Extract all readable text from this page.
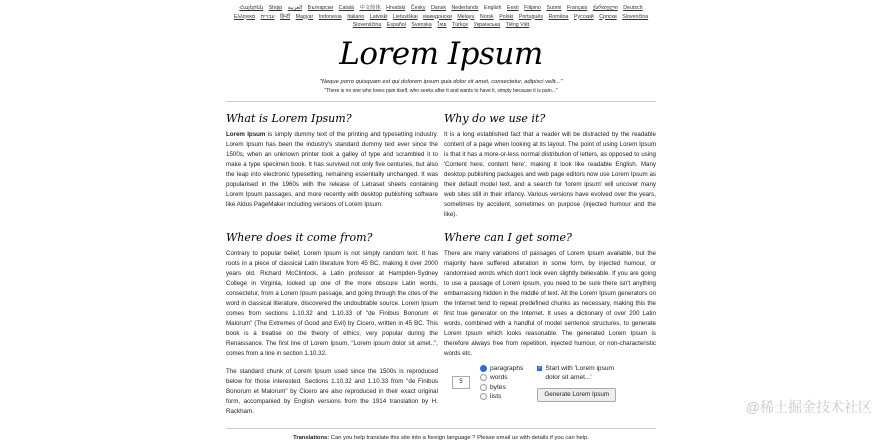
Հայերեն Shqip العربية Български Català 中文简体 Hrvatski Česky Dansk Nederlands English Eesti Filipino Suomi Français ქართული Deutsch Ελληνικά עברית हिन्दी Magyar Indonesia Italiano Latviski Lietuviškai македонски Melayu Norsk Polski Português Româna Pyccкий Српски Slovenčina Slovenščina Español Svenska ไทย Türkçe Українська Tiếng Việt
Lorem Ipsum
"Neque porro quisquam est qui dolorem ipsum quia dolor sit amet, consectetur, adipisci velit..."
"There is no one who loves pain itself, who seeks after it and wants to have it, simply because it is pain..."
What is Lorem Ipsum?

Lorem Ipsum is simply dummy text of the printing and typesetting industry. Lorem Ipsum has been the industry's standard dummy text ever since the 1500s, when an unknown printer took a galley of type and scrambled it to make a type specimen book. It has survived not only five centuries, but also the leap into electronic typesetting, remaining essentially unchanged. It was popularised in the 1960s with the release of Letraset sheets containing Lorem Ipsum passages, and more recently with desktop publishing software like Aldus PageMaker including versions of Lorem Ipsum.

Why do we use it?

It is a long established fact that a reader will be distracted by the readable content of a page when looking at its layout. The point of using Lorem Ipsum is that it has a more-or-less normal distribution of letters, as opposed to using 'Content here, content here', making it look like readable English. Many desktop publishing packages and web page editors now use Lorem Ipsum as their default model text, and a search for 'lorem ipsum' will uncover many web sites still in their infancy. Various versions have evolved over the years, sometimes by accident, sometimes on purpose (injected humour and the like).

Where does it come from?

Contrary to popular belief, Lorem Ipsum is not simply random text. It has roots in a piece of classical Latin literature from 45 BC, making it over 2000 years old. Richard McClintock, a Latin professor at Hampden-Sydney College in Virginia, looked up one of the more obscure Latin words, consectetur, from a Lorem Ipsum passage, and going through the cites of the word in classical literature, discovered the undoubtable source. Lorem Ipsum comes from sections 1.10.32 and 1.10.33 of "de Finibus Bonorum et Malorum" (The Extremes of Good and Evil) by Cicero, written in 45 BC. This book is a treatise on the theory of ethics, very popular during the Renaissance. The first line of Lorem Ipsum, "Lorem ipsum dolor sit amet..", comes from a line in section 1.10.32.

The standard chunk of Lorem Ipsum used since the 1500s is reproduced below for those interested. Sections 1.10.32 and 1.10.33 from "de Finibus Bonorum et Malorum" by Cicero are also reproduced in their exact original form, accompanied by English versions from the 1914 translation by H. Rackham.

Where can I get some?

There are many variations of passages of Lorem Ipsum available, but the majority have suffered alteration in some form, by injected humour, or randomised words which don't look even slightly believable. If you are going to use a passage of Lorem Ipsum, you need to be sure there isn't anything embarrassing hidden in the middle of text. All the Lorem Ipsum generators on the Internet tend to repeat predefined chunks as necessary, making this the first true generator on the Internet. It uses a dictionary of over 200 Latin words, combined with a handful of model sentence structures, to generate Lorem Ipsum which looks reasonable. The generated Lorem Ipsum is therefore always free from repetition, injected humour, or non-characteristic words etc.

5
paragraphs
words
bytes
lists
✓ Start with 'Lorem ipsum dolor sit amet...'
Generate Lorem Ipsum
Translations: Can you help translate this site into a foreign language ? Please email us with details if you can help.
@稀土掘金技术社区
